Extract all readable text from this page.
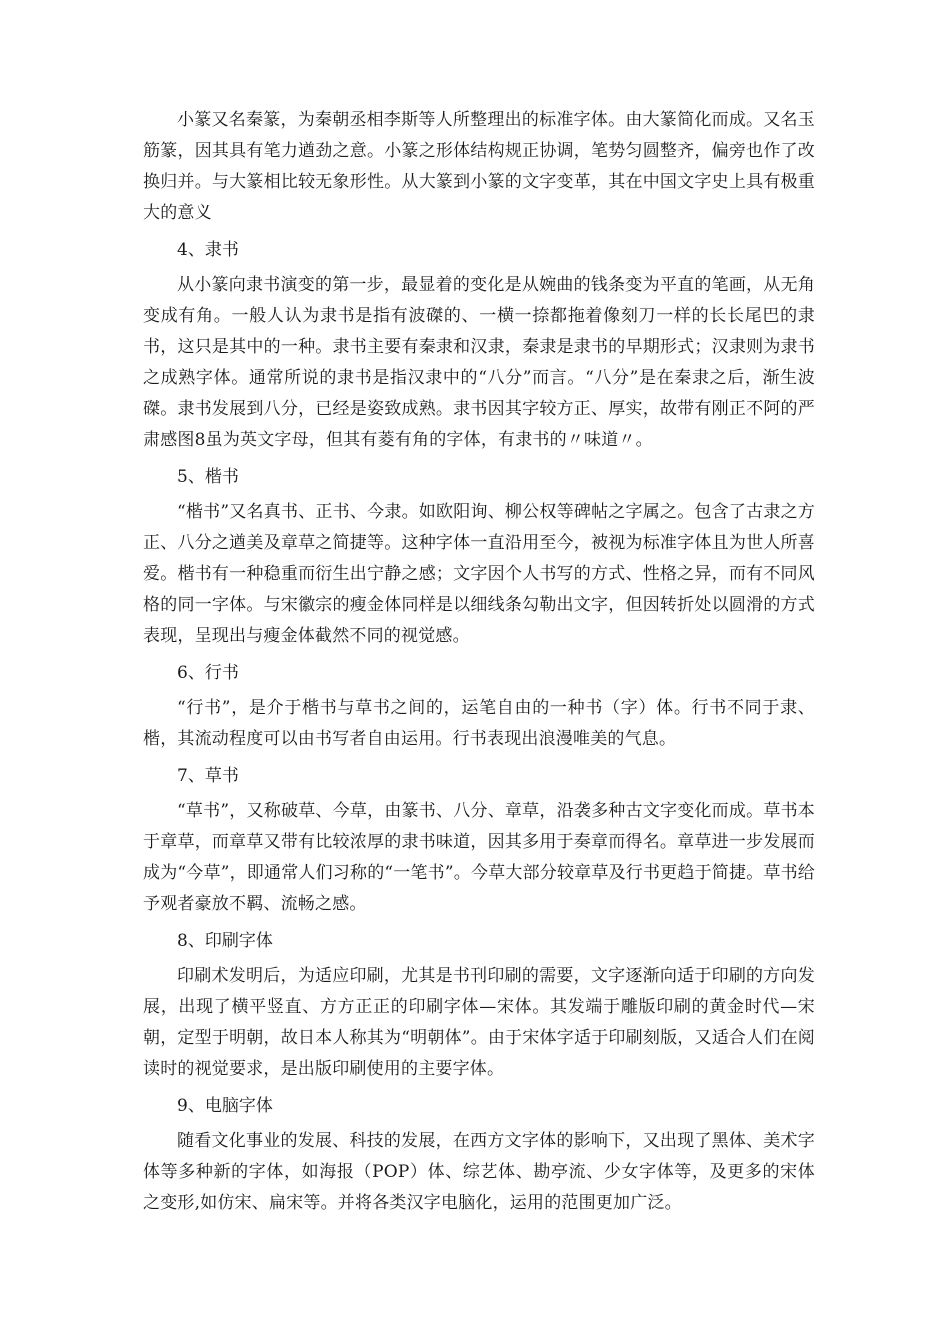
小篆又名秦篆，为秦朝丞相李斯等人所整理出的标准字体。由大篆简化而成。又名玉筋篆，因其具有笔力遒劲之意。小篆之形体结构规正协调，笔势匀圆整齐，偏旁也作了改换归并。与大篆相比较无象形性。从大篆到小篆的文字变革，其在中国文字史上具有极重大的意义

4、隶书

从小篆向隶书演变的第一步，最显着的变化是从婉曲的钱条变为平直的笔画，从无角变成有角。一般人认为隶书是指有波磔的、一横一捺都拖着像刻刀一样的长长尾巴的隶书，这只是其中的一种。隶书主要有秦隶和汉隶，秦隶是隶书的早期形式；汉隶则为隶书之成熟字体。通常所说的隶书是指汉隶中的“八分”而言。“八分”是在秦隶之后，渐生波磔。隶书发展到八分，已经是姿致成熟。隶书因其字较方正、厚实，故带有刚正不阿的严肃感图8虽为英文字母，但其有菱有角的字体，有隶书的〃味道〃。

5、楷书

“楷书”又名真书、正书、今隶。如欧阳询、柳公权等碑帖之字属之。包含了古隶之方正、八分之遒美及章草之简捷等。这种字体一直沿用至今，被视为标准字体且为世人所喜爱。楷书有一种稳重而衍生出宁静之感；文字因个人书写的方式、性格之异，而有不同风格的同一字体。与宋徽宗的瘦金体同样是以细线条勾勒出文字，但因转折处以圆滑的方式表现，呈现出与瘦金体截然不同的视觉感。

6、行书

“行书”，是介于楷书与草书之间的，运笔自由的一种书（字）体。行书不同于隶、楷，其流动程度可以由书写者自由运用。行书表现出浪漫唯美的气息。

7、草书

“草书”，又称破草、今草，由篆书、八分、章草，沿袭多种古文字变化而成。草书本于章草，而章草又带有比较浓厚的隶书味道，因其多用于奏章而得名。章草进一步发展而成为“今草”，即通常人们习称的“一笔书”。今草大部分较章草及行书更趋于简捷。草书给予观者豪放不羁、流畅之感。

8、印刷字体

印刷术发明后，为适应印刷，尤其是书刊印刷的需要，文字逐渐向适于印刷的方向发展，出现了横平竖直、方方正正的印刷字体—宋体。其发端于雕版印刷的黄金时代—宋朝，定型于明朝，故日本人称其为“明朝体”。由于宋体字适于印刷刻版，又适合人们在阅读时的视觉要求，是出版印刷使用的主要字体。

9、电脑字体

随看文化事业的发展、科技的发展，在西方文字体的影响下，又出现了黑体、美术字体等多种新的字体，如海报（POP）体、综艺体、勘亭流、少女字体等，及更多的宋体之变形,如仿宋、扁宋等。并将各类汉字电脑化，运用的范围更加广泛。
